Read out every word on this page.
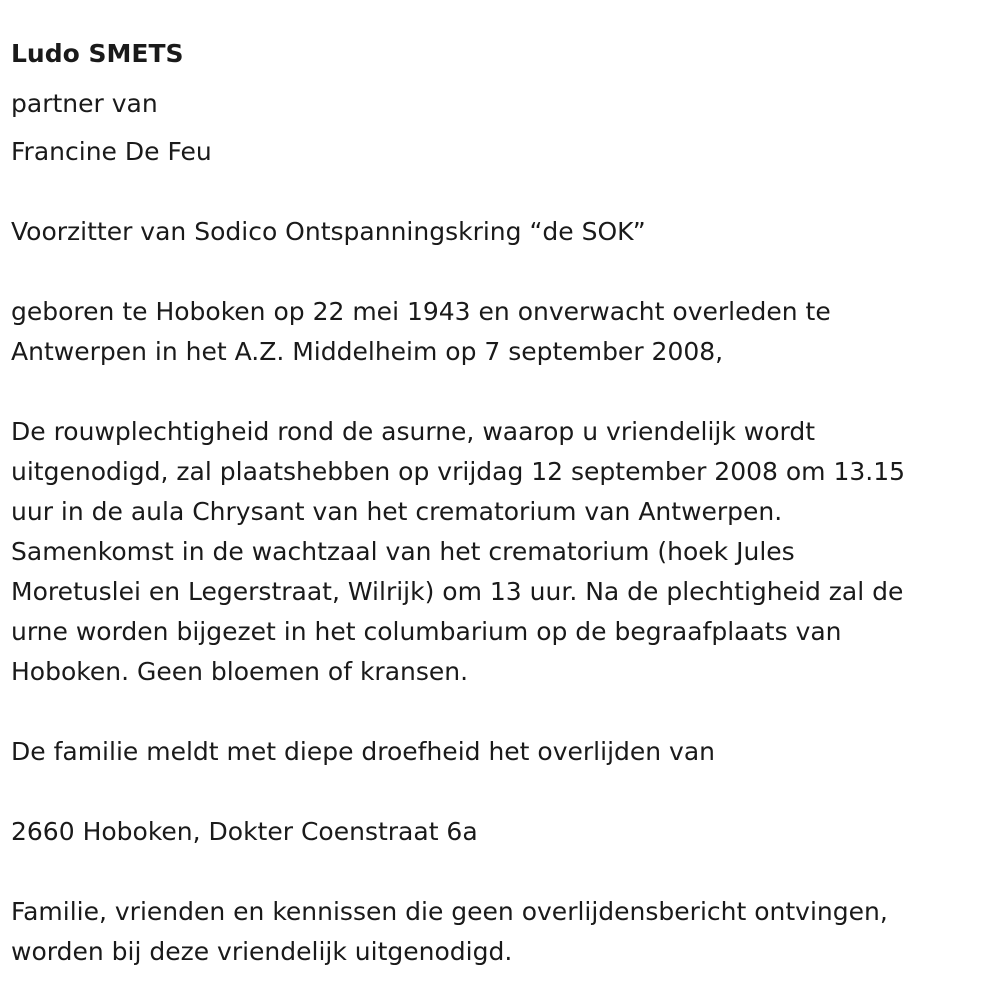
Ludo SMETS
partner van
Francine De Feu
Voorzitter van Sodico Ontspanningskring “de SOK”
geboren te Hoboken op 22 mei 1943 en onverwacht overleden te
Antwerpen in het A.Z. Middelheim op 7 september 2008,
De rouwplechtigheid rond de asurne, waarop u vriendelijk wordt
uitgenodigd, zal plaatshebben op vrijdag 12 september 2008 om 13.15
uur in de aula Chrysant van het crematorium van Antwerpen.
Samenkomst in de wachtzaal van het crematorium (hoek Jules
Moretuslei en Legerstraat, Wilrijk) om 13 uur. Na de plechtigheid zal de
urne worden bijgezet in het columbarium op de begraafplaats van
Hoboken. Geen bloemen of kransen.
De familie meldt met diepe droefheid het overlijden van
2660 Hoboken, Dokter Coenstraat 6a
Familie, vrienden en kennissen die geen overlijdensbericht ontvingen,
worden bij deze vriendelijk uitgenodigd.
